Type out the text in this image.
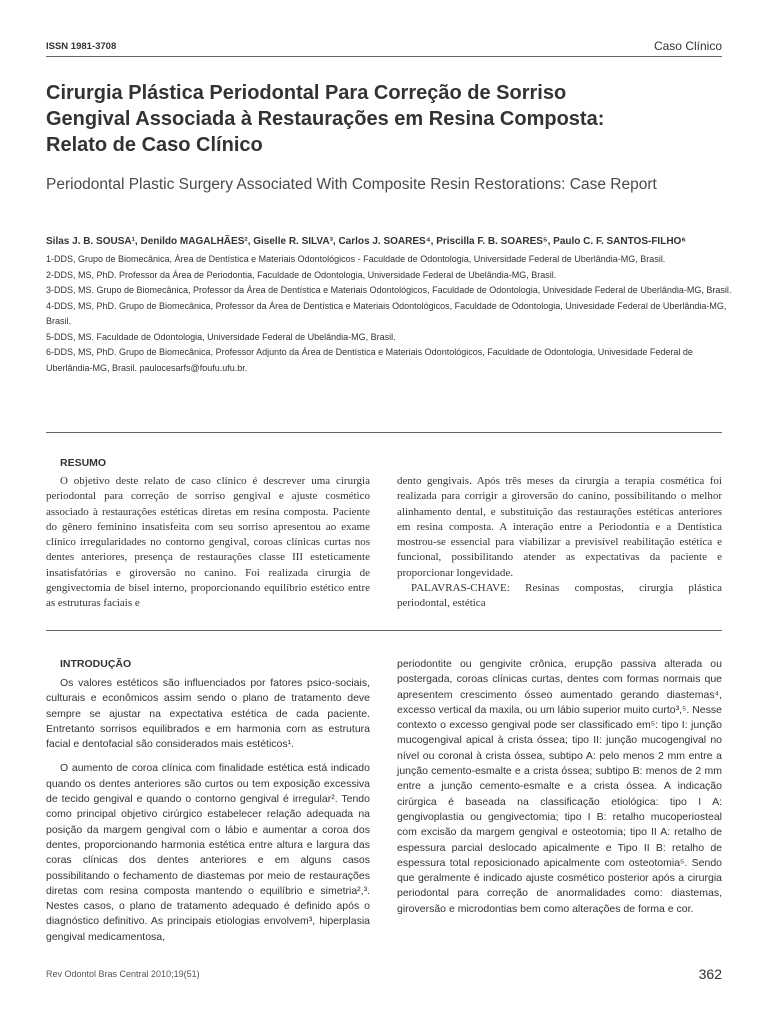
ISSN 1981-3708	Caso Clínico
Cirurgia Plástica Periodontal Para Correção de Sorriso
Gengival Associada à Restaurações em Resina Composta:
Relato de Caso Clínico
Periodontal Plastic Surgery Associated With Composite Resin Restorations: Case Report
Silas J. B. SOUSA¹, Denildo MAGALHÃES², Giselle R. SILVA³, Carlos J. SOARES⁴, Priscilla F. B. SOARES⁵, Paulo C. F. SANTOS-FILHO⁶

1-DDS, Grupo de Biomecânica, Área de Dentística e Materiais Odontológicos - Faculdade de Odontologia, Universidade Federal de Uberlândia-MG, Brasil.

2-DDS, MS, PhD. Professor da Área de Periodontia, Faculdade de Odontologia, Universidade Federal de Ubelândia-MG, Brasil.

3-DDS, MS. Grupo de Biomecânica, Professor da Área de Dentística e Materiais Odontológicos, Faculdade de Odontologia, Univesidade Federal de Uberlândia-MG, Brasil.

4-DDS, MS, PhD. Grupo de Biomecânica, Professor da Área de Dentística e Materiais Odontológicos, Faculdade de Odontologia, Univesidade Federal de Uberlândia-MG, Brasil.

5-DDS, MS. Faculdade de Odontologia, Universidade Federal de Ubelândia-MG, Brasil.

6-DDS, MS, PhD. Grupo de Biomecânica, Professor Adjunto da Área de Dentística e Materiais Odontológicos, Faculdade de Odontologia, Univesidade Federal de Uberlândia-MG, Brasil. paulocesarfs@foufu.ufu.br.

RESUMO

O objetivo deste relato de caso clínico é descrever uma cirurgia periodontal para correção de sorriso gengival e ajuste cosmético associado à restaurações estéticas diretas em resina composta. Paciente do gênero feminino insatisfeita com seu sorriso apresentou ao exame clínico irregularidades no contorno gengival, coroas clínicas curtas nos dentes anteriores, presença de restaurações classe III esteticamente insatisfatórias e giroversão no canino. Foi realizada cirurgia de gengivectomia de bisel interno, proporcionando equilíbrio estético entre as estruturas faciais e

dento gengivais. Após três meses da cirurgia a terapia cosmética foi realizada para corrigir a giroversão do canino, possibilitando o melhor alinhamento dental, e substituição das restaurações estéticas anteriores em resina composta. A interação entre a Periodontia e a Dentística mostrou-se essencial para viabilizar a previsível reabilitação estética e funcional, possibilitando atender as expectativas da paciente e proporcionar longevidade.

PALAVRAS-CHAVE: Resinas compostas, cirurgia plástica periodontal, estética

INTRODUÇÃO

Os valores estéticos são influenciados por fatores psico-sociais, culturais e econômicos assim sendo o plano de tratamento deve sempre se ajustar na expectativa estética de cada paciente. Entretanto sorrisos equilibrados e em harmonia com as estrutura facial e dentofacial são considerados mais estéticos¹.

O aumento de coroa clínica com finalidade estética está indicado quando os dentes anteriores são curtos ou tem exposição excessiva de tecido gengival e quando o contorno gengival é irregular². Tendo como principal objetivo cirúrgico estabelecer relação adequada na posição da margem gengival com o lábio e aumentar a coroa dos dentes, proporcionando harmonia estética entre altura e largura das coras clínicas dos dentes anteriores e em alguns casos possibilitando o fechamento de diastemas por meio de restaurações diretas com resina composta mantendo o equilíbrio e simetria²,³. Nestes casos, o plano de tratamento adequado é definido após o diagnóstico definitivo. As principais etiologias envolvem³, hiperplasia gengival medicamentosa,

periodontite ou gengivite crônica, erupção passiva alterada ou postergada, coroas clínicas curtas, dentes com formas normais que apresentem crescimento ósseo aumentado gerando diastemas⁴, excesso vertical da maxila, ou um lábio superior muito curto³,⁵. Nesse contexto o excesso gengival pode ser classificado em⁵: tipo I: junção mucogengival apical à crista óssea; tipo II: junção mucogengival no nível ou coronal à crista óssea, subtipo A: pelo menos 2 mm entre a junção cemento-esmalte e a crista óssea; subtipo B: menos de 2 mm entre a junção cemento-esmalte e a crista óssea. A indicação cirúrgica é baseada na classificação etiológica: tipo I A: gengivoplastia ou gengivectomia; tipo I B: retalho mucoperiosteal com excisão da margem gengival e osteotomia; tipo II A: retalho de espessura parcial deslocado apicalmente e Tipo II B: retalho de espessura total reposicionado apicalmente com osteotomia⁵. Sendo que geralmente é indicado ajuste cosmético posterior após a cirurgia periodontal para correção de anormalidades como: diastemas, giroversão e microdontias bem como alterações de forma e cor.

Rev Odontol Bras Central 2010;19(51)	362
